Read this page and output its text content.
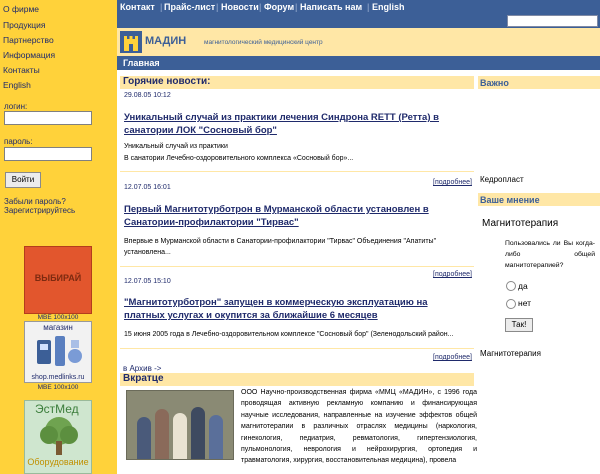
О фирме
Продукция
Партнерство
Информация
Контакты
English
логин:
пароль:
Войти
Забыли пароль?
Зарегистрируйтесь
ВЫБИРАЙ
MBE 100x100
магазин
shop.medlinks.ru
MBE 100x100
ЭстМед
Оборудование
Контакт | Прайс-лист | Новости | Форум | Написать нам | English
МАДИН	магнитологический медицинский центр
Главная
Горячие новости:
29.08.05 10:12
Уникальный случай из практики лечения Синдрона RETT (Ретта) в санатории ЛОК "Сосновый бор"
Уникальный случай из практики
В санатории Лечебно-оздоровительного комплекса «Сосновый бор»...
[подробнее]
12.07.05 16:01
Первый Магнитотурботрон в Мурманской области установлен в Санатории-профилактории "Тирвас"
Впервые в Мурманской области в Санатории-профилактории "Тирвас" Объединения "Апатиты" установлена...
[подробнее]
12.07.05 15:10
"Магнитотурботрон" запущен в коммерческую эксплуатацию на платных услугах и окупится за ближайшие 6 месяцев
15 июня 2005 года в Лечебно-оздоровительном комплексе "Сосновый бор" (Зеленодольский район...
[подробнее]
в Архив ->
Вкратце

ООО Научно-производственная фирма «ММЦ «МАДИН», с 1996 года проводящая активную рекламную компанию и финансирующая научные исследования, направленные на изучение эффектов общей магнитотерапии в различных отраслях медицины (наркология, гинекология, педиатрия, ревматология, гипертензиология, пульмонология, неврология и нейрохирургия, ортопедия и травматология, хирургия, восстановительная медицина), провела

Важно
Кедропласт
Ваше мнение
Магнитотерапия

Пользовались ли Вы когда-либо общей магнитотерапией?

да
нет
Так!
Магнитотерапия
